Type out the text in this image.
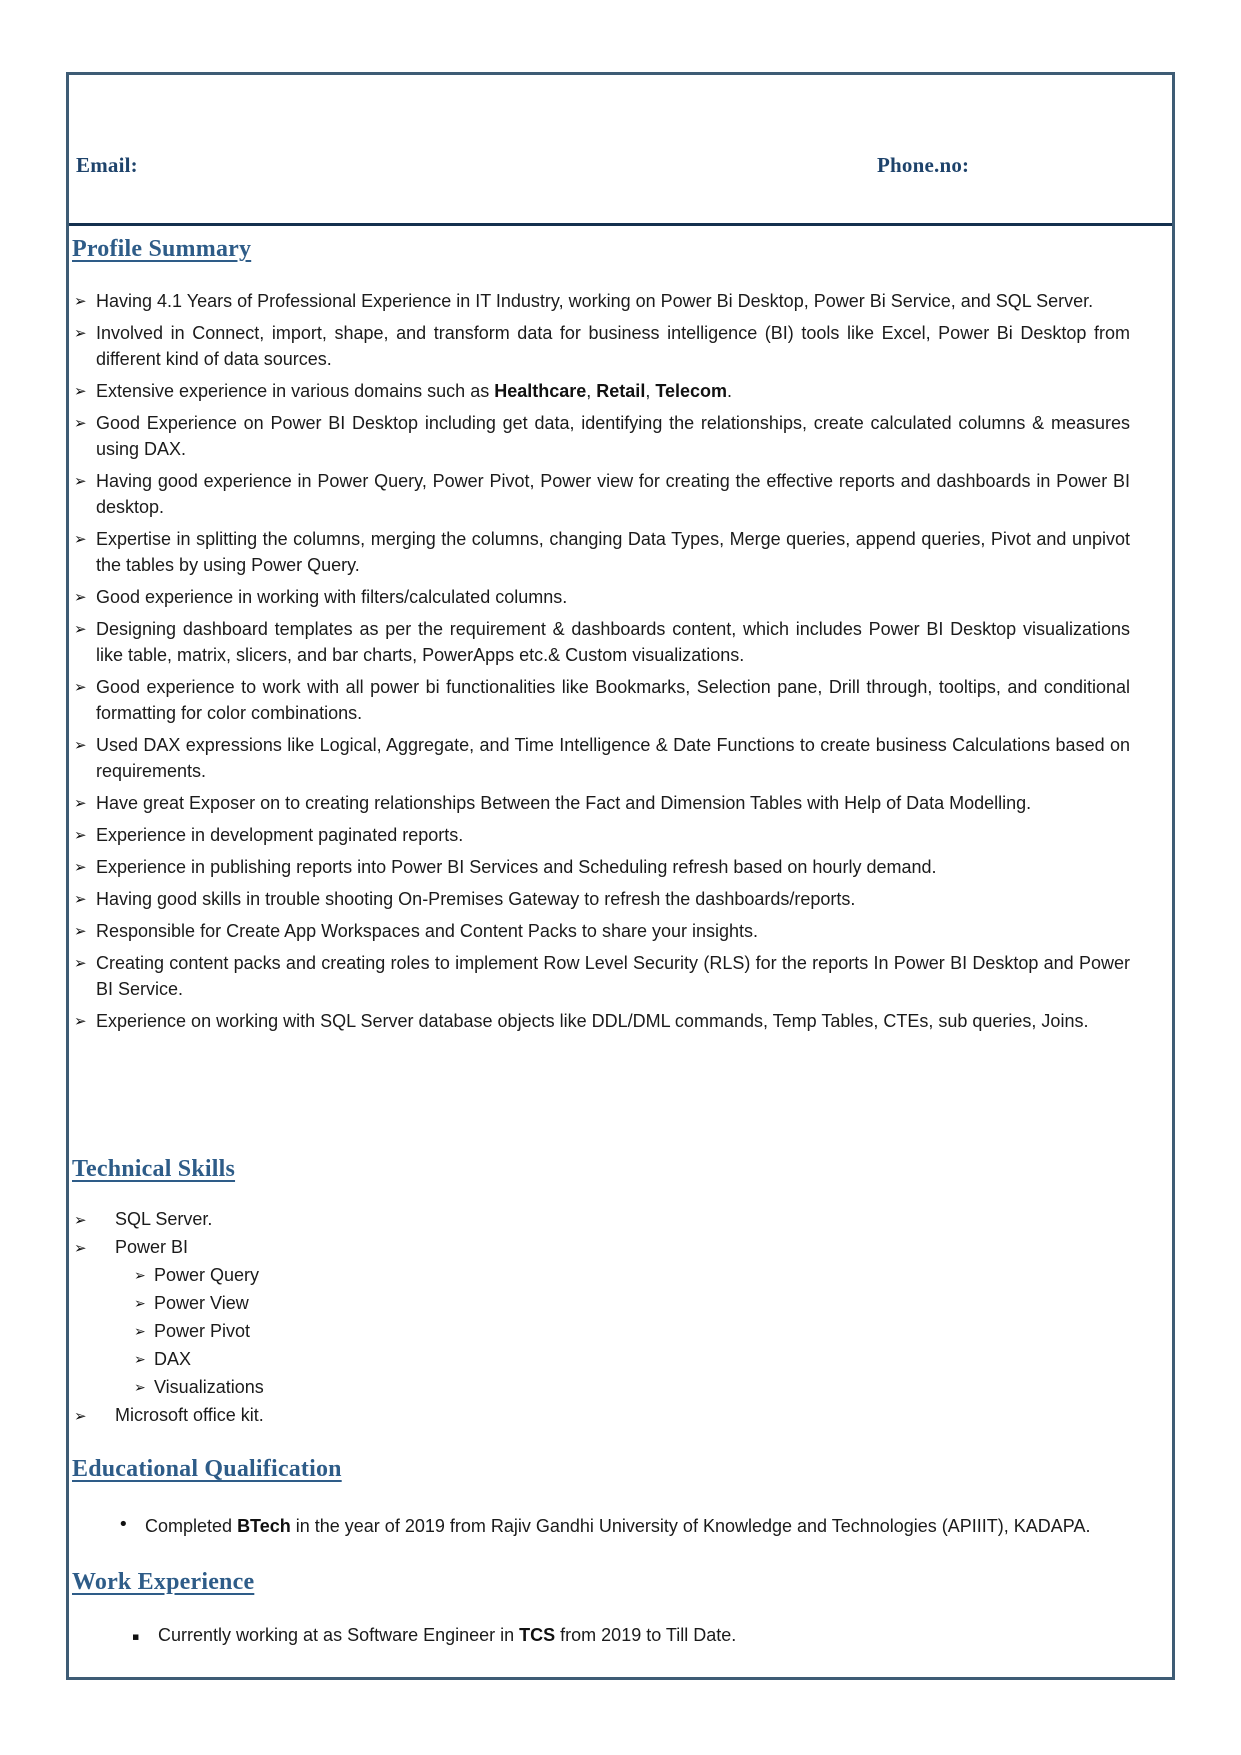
Email:	Phone.no:
Profile Summary
➢ Having 4.1 Years of Professional Experience in IT Industry, working on Power Bi Desktop, Power Bi Service, and SQL Server.
➢ Involved in Connect, import, shape, and transform data for business intelligence (BI) tools like Excel, Power Bi Desktop from different kind of data sources.
➢ Extensive experience in various domains such as Healthcare, Retail, Telecom.
➢ Good Experience on Power BI Desktop including get data, identifying the relationships, create calculated columns & measures using DAX.
➢ Having good experience in Power Query, Power Pivot, Power view for creating the effective reports and dashboards in Power BI desktop.
➢ Expertise in splitting the columns, merging the columns, changing Data Types, Merge queries, append queries, Pivot and unpivot the tables by using Power Query.
➢ Good experience in working with filters/calculated columns.
➢ Designing dashboard templates as per the requirement & dashboards content, which includes Power BI Desktop visualizations like table, matrix, slicers, and bar charts, PowerApps etc.& Custom visualizations.
➢ Good experience to work with all power bi functionalities like Bookmarks, Selection pane, Drill through, tooltips, and conditional formatting for color combinations.
➢ Used DAX expressions like Logical, Aggregate, and Time Intelligence & Date Functions to create business Calculations based on requirements.
➢ Have great Exposer on to creating relationships Between the Fact and Dimension Tables with Help of Data Modelling.
➢ Experience in development paginated reports.
➢ Experience in publishing reports into Power BI Services and Scheduling refresh based on hourly demand.
➢ Having good skills in trouble shooting On-Premises Gateway to refresh the dashboards/reports.
➢ Responsible for Create App Workspaces and Content Packs to share your insights.
➢ Creating content packs and creating roles to implement Row Level Security (RLS) for the reports In Power BI Desktop and Power BI Service.
➢ Experience on working with SQL Server database objects like DDL/DML commands, Temp Tables, CTEs, sub queries, Joins.
Technical Skills
➢ SQL Server.
➢ Power BI
➢ Power Query
➢ Power View
➢ Power Pivot
➢ DAX
➢ Visualizations
➢ Microsoft office kit.
Educational Qualification
• Completed BTech in the year of 2019 from Rajiv Gandhi University of Knowledge and Technologies (APIIIT), KADAPA.
Work Experience
▪ Currently working at as Software Engineer in TCS from 2019 to Till Date.
